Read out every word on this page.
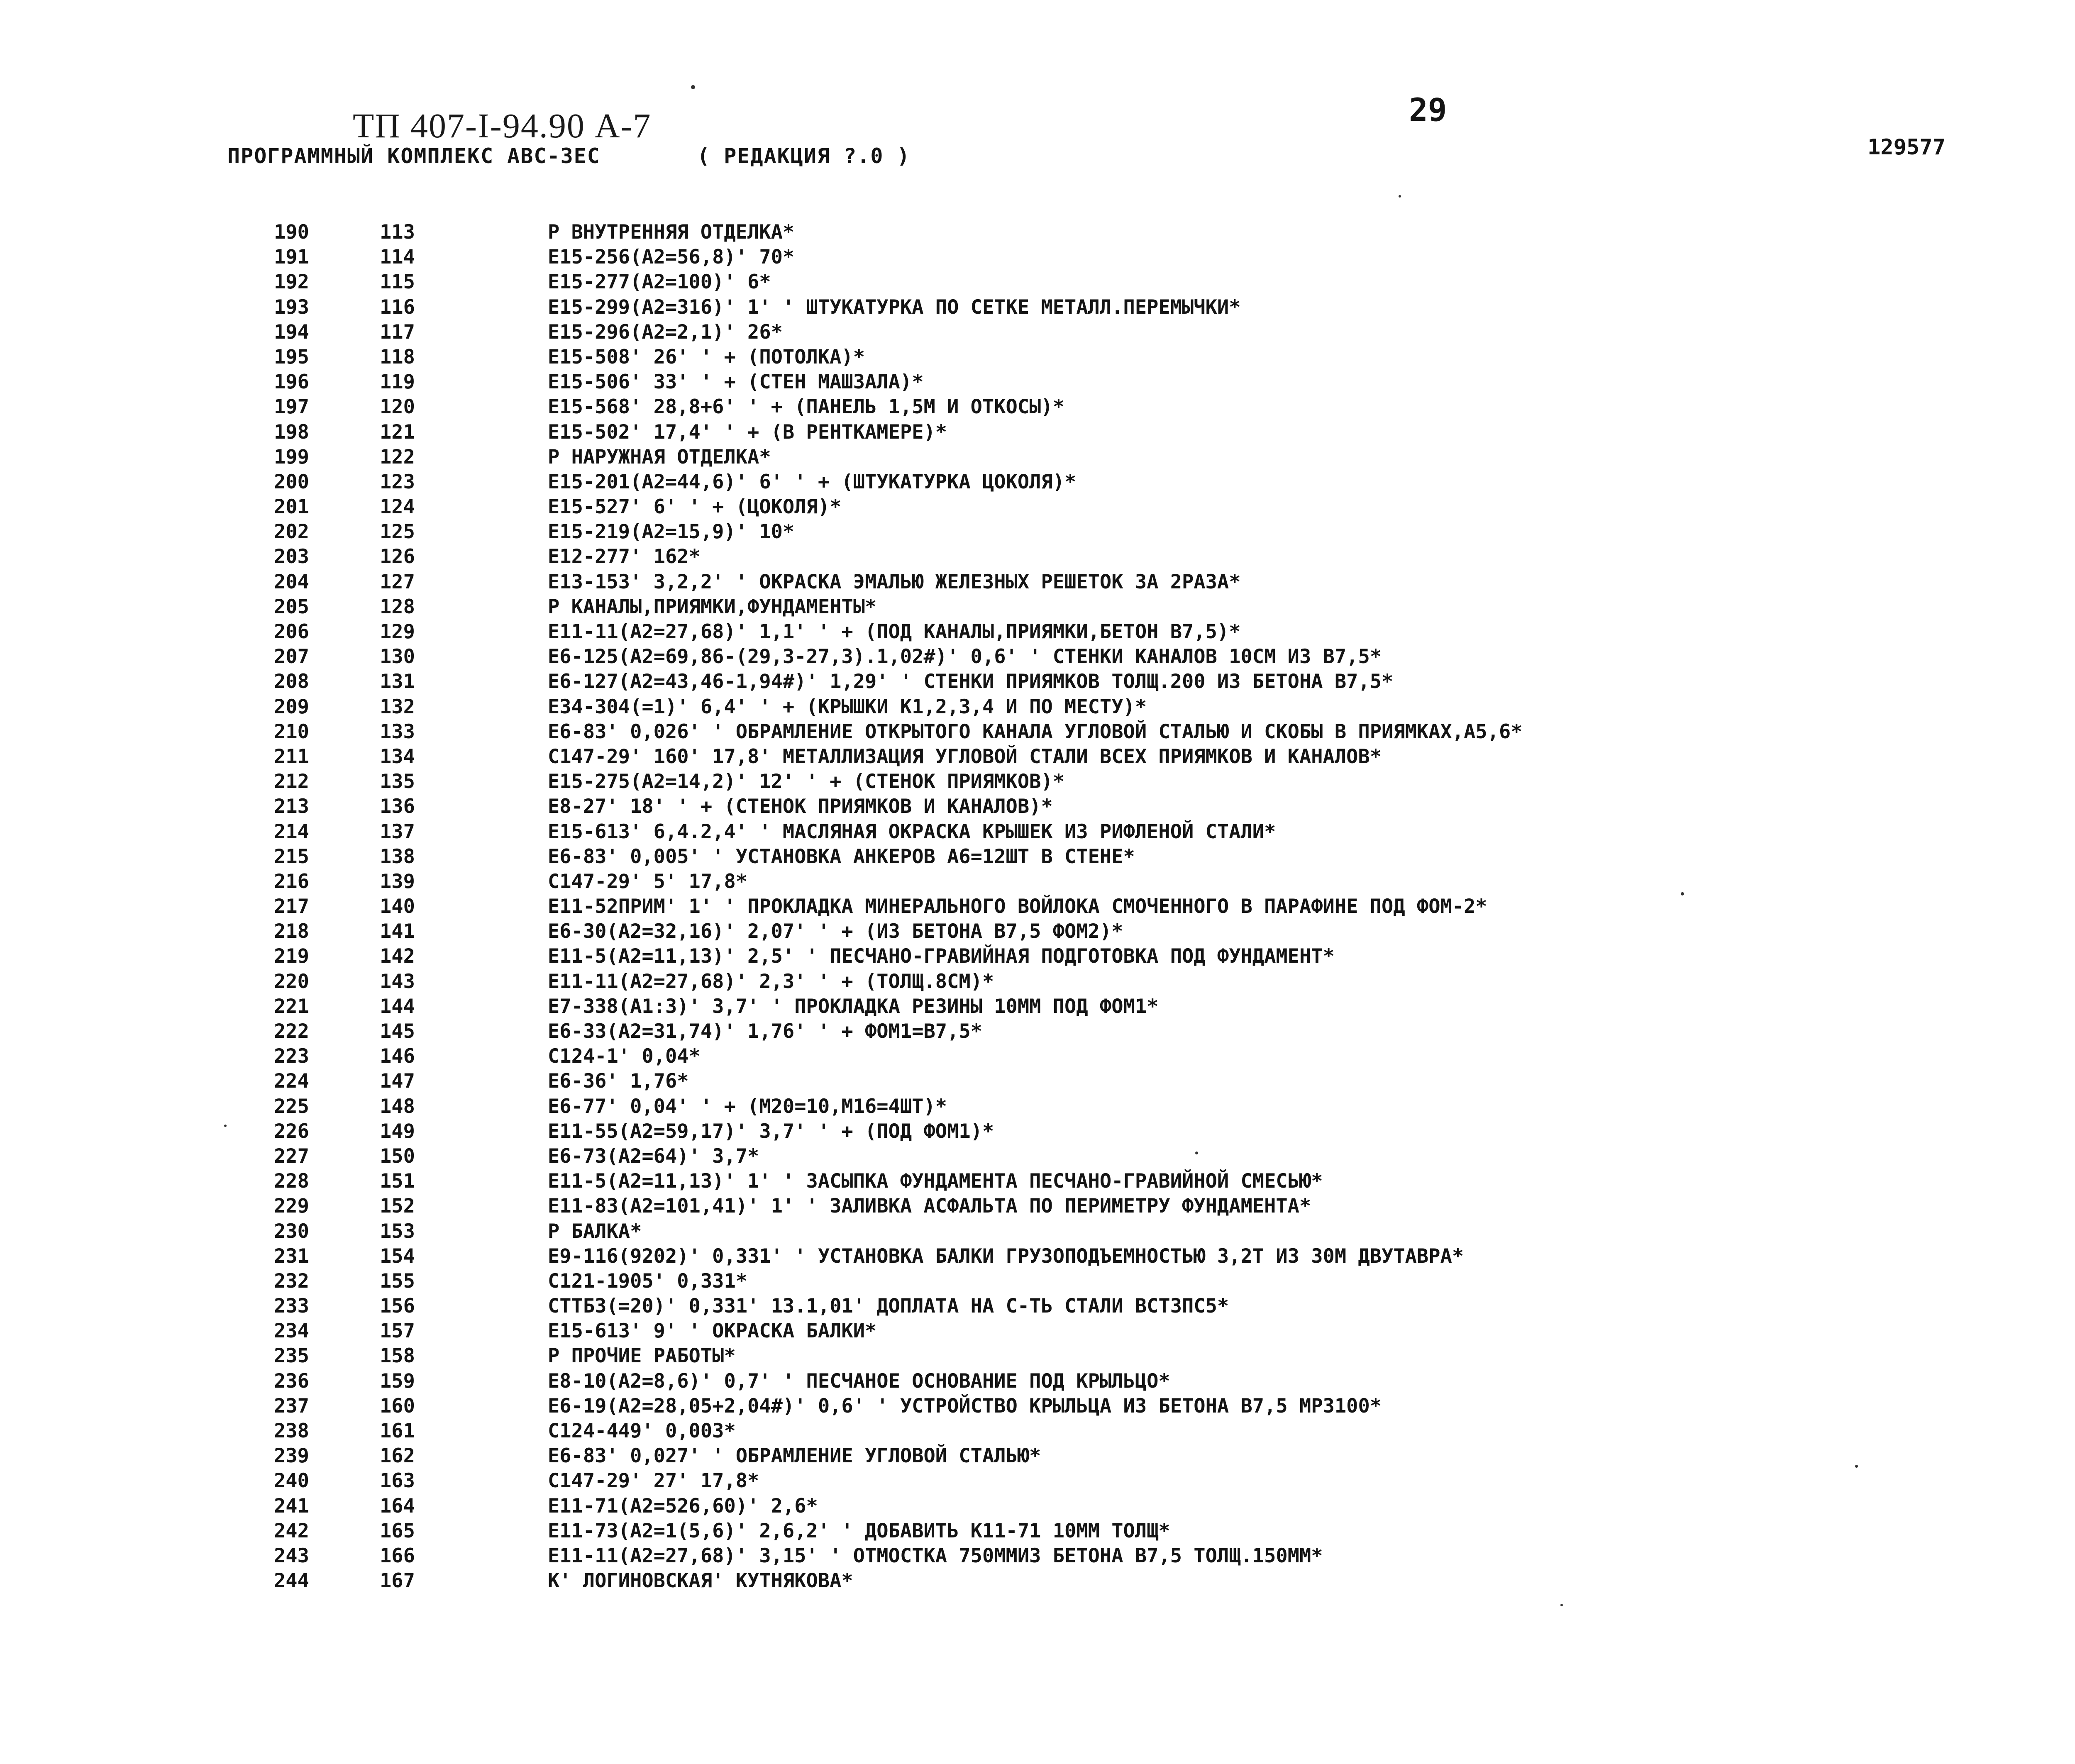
ТП 407-I-94.90 А-7
ПРОГРАММНЫЙ КОМПЛЕКС АВС-ЗЕС	( РЕДАКЦИЯ ?.0 )
29
129577
190	113	Р ВНУТРЕННЯЯ ОТДЕЛКА*
191	114	Е15-256(А2=56,8)' 70*
192	115	Е15-277(А2=100)' 6*
193	116	Е15-299(А2=316)' 1' ' ШТУКАТУРКА ПО СЕТКЕ МЕТАЛЛ.ПЕРЕМЫЧКИ*
194	117	Е15-296(А2=2,1)' 26*
195	118	Е15-508' 26' ' + (ПОТОЛКА)*
196	119	Е15-506' 33' ' + (СТЕН МАШЗАЛА)*
197	120	Е15-568' 28,8+6' ' + (ПАНЕЛЬ 1,5М И ОТКОСЫ)*
198	121	Е15-502' 17,4' ' + (В РЕНТКАМЕРЕ)*
199	122	Р НАРУЖНАЯ ОТДЕЛКА*
200	123	Е15-201(А2=44,6)' 6' ' + (ШТУКАТУРКА ЦОКОЛЯ)*
201	124	Е15-527' 6' ' + (ЦОКОЛЯ)*
202	125	Е15-219(А2=15,9)' 10*
203	126	Е12-277' 162*
204	127	Е13-153' 3,2,2' ' ОКРАСКА ЭМАЛЬЮ ЖЕЛЕЗНЫХ РЕШЕТОК ЗА 2РАЗА*
205	128	Р КАНАЛЫ,ПРИЯМКИ,ФУНДАМЕНТЫ*
206	129	Е11-11(А2=27,68)' 1,1' ' + (ПОД КАНАЛЫ,ПРИЯМКИ,БЕТОН В7,5)*
207	130	Е6-125(А2=69,86-(29,3-27,3).1,02#)' 0,6' ' СТЕНКИ КАНАЛОВ 10СМ ИЗ В7,5*
208	131	Е6-127(А2=43,46-1,94#)' 1,29' ' СТЕНКИ ПРИЯМКОВ ТОЛЩ.200 ИЗ БЕТОНА В7,5*
209	132	Е34-304(=1)' 6,4' ' + (КРЫШКИ К1,2,3,4 И ПО МЕСТУ)*
210	133	Е6-83' 0,026' ' ОБРАМЛЕНИЕ ОТКРЫТОГО КАНАЛА УГЛОВОЙ СТАЛЬЮ И СКОБЫ В ПРИЯМКАХ,А5,6*
211	134	С147-29' 160' 17,8' МЕТАЛЛИЗАЦИЯ УГЛОВОЙ СТАЛИ ВСЕХ ПРИЯМКОВ И КАНАЛОВ*
212	135	Е15-275(А2=14,2)' 12' ' + (СТЕНОК ПРИЯМКОВ)*
213	136	Е8-27' 18' ' + (СТЕНОК ПРИЯМКОВ И КАНАЛОВ)*
214	137	Е15-613' 6,4.2,4' ' МАСЛЯНАЯ ОКРАСКА КРЫШЕК ИЗ РИФЛЕНОЙ СТАЛИ*
215	138	Е6-83' 0,005' ' УСТАНОВКА АНКЕРОВ А6=12ШТ В СТЕНЕ*
216	139	С147-29' 5' 17,8*
217	140	Е11-52ПРИМ' 1' ' ПРОКЛАДКА МИНЕРАЛЬНОГО ВОЙЛОКА СМОЧЕННОГО В ПАРАФИНЕ ПОД ФОМ-2*
218	141	Е6-30(А2=32,16)' 2,07' ' + (ИЗ БЕТОНА В7,5 ФОМ2)*
219	142	Е11-5(А2=11,13)' 2,5' ' ПЕСЧАНО-ГРАВИЙНАЯ ПОДГОТОВКА ПОД ФУНДАМЕНТ*
220	143	Е11-11(А2=27,68)' 2,3' ' + (ТОЛЩ.8СМ)*
221	144	Е7-338(А1:3)' 3,7' ' ПРОКЛАДКА РЕЗИНЫ 10ММ ПОД ФОМ1*
222	145	Е6-33(А2=31,74)' 1,76' ' + ФОМ1=В7,5*
223	146	С124-1' 0,04*
224	147	Е6-36' 1,76*
225	148	Е6-77' 0,04' ' + (М20=10,М16=4ШТ)*
226	149	Е11-55(А2=59,17)' 3,7' ' + (ПОД ФОМ1)*
227	150	Е6-73(А2=64)' 3,7*
228	151	Е11-5(А2=11,13)' 1' ' ЗАСЫПКА ФУНДАМЕНТА ПЕСЧАНО-ГРАВИЙНОЙ СМЕСЬЮ*
229	152	Е11-83(А2=101,41)' 1' ' ЗАЛИВКА АСФАЛЬТА ПО ПЕРИМЕТРУ ФУНДАМЕНТА*
230	153	Р БАЛКА*
231	154	Е9-116(9202)' 0,331' ' УСТАНОВКА БАЛКИ ГРУЗОПОДЪЕМНОСТЬЮ 3,2Т ИЗ 30М ДВУТАВРА*
232	155	С121-1905' 0,331*
233	156	СТТБ3(=20)' 0,331' 13.1,01' ДОПЛАТА НА С-ТЬ СТАЛИ ВСТ3ПС5*
234	157	Е15-613' 9' ' ОКРАСКА БАЛКИ*
235	158	Р ПРОЧИЕ РАБОТЫ*
236	159	Е8-10(А2=8,6)' 0,7' ' ПЕСЧАНОЕ ОСНОВАНИЕ ПОД КРЫЛЬЦО*
237	160	Е6-19(А2=28,05+2,04#)' 0,6' ' УСТРОЙСТВО КРЫЛЬЦА ИЗ БЕТОНА В7,5 МР3100*
238	161	С124-449' 0,003*
239	162	Е6-83' 0,027' ' ОБРАМЛЕНИЕ УГЛОВОЙ СТАЛЬЮ*
240	163	С147-29' 27' 17,8*
241	164	Е11-71(А2=526,60)' 2,6*
242	165	Е11-73(А2=1(5,6)' 2,6,2' ' ДОБАВИТЬ К11-71 10ММ ТОЛЩ*
243	166	Е11-11(А2=27,68)' 3,15' ' ОТМОСТКА 750ММИЗ БЕТОНА В7,5 ТОЛЩ.150ММ*
244	167	К' ЛОГИНОВСКАЯ' КУТНЯКОВА*
